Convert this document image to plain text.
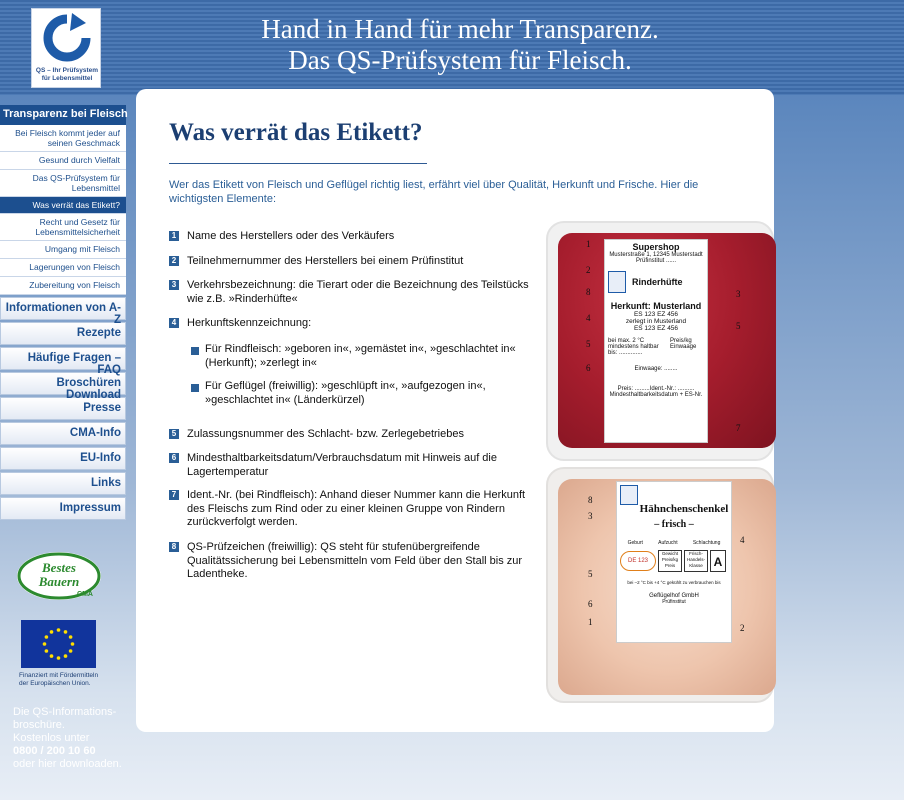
QS – Ihr Prüfsystem für Lebensmittel
Hand in Hand für mehr Transparenz.
Das QS-Prüfsystem für Fleisch.
Transparenz bei Fleisch
Bei Fleisch kommt jeder auf seinen Geschmack
Gesund durch Vielfalt
Das QS-Prüfsystem für Lebensmittel
Was verrät das Etikett?
Recht und Gesetz für Lebensmittelsicherheit
Umgang mit Fleisch
Lagerungen von Fleisch
Zubereitung von Fleisch
Informationen von A-Z
Rezepte
Häufige Fragen – FAQ
Broschüren Download
Presse
CMA-Info
EU-Info
Links
Impressum
Bestes
Bauern
CMA
Finanziert mit Fördermitteln der Europäischen Union.
Die QS-Informations-
broschüre.
Kostenlos unter
0800 / 200 10 60
oder hier downloaden.
Was verrät das Etikett?

Wer das Etikett von Fleisch und Geflügel richtig liest, erfährt viel über Qualität, Herkunft und Frische. Hier die wichtigsten Elemente:

1 Name des Herstellers oder des Verkäufers
2 Teilnehmernummer des Herstellers bei einem Prüfinstitut
3 Verkehrsbezeichnung: die Tierart oder die Bezeichnung des Teilstücks wie z.B. »Rinderhüfte«
4 Herkunftskennzeichnung:
Für Rindfleisch: »geboren in«, »gemästet in«, »geschlachtet in« (Herkunft); »zerlegt in«
Für Geflügel (freiwillig): »geschlüpft in«, »aufgezogen in«, »geschlachtet in« (Länderkürzel)
5 Zulassungsnummer des Schlacht- bzw. Zerlegebetriebes
6 Mindesthaltbarkeitsdatum/Verbrauchsdatum mit Hinweis auf die Lagertemperatur
7 Ident.-Nr. (bei Rindfleisch): Anhand dieser Nummer kann die Herkunft des Fleischs zum Rind oder zu einer kleinen Gruppe von Rindern zurückverfolgt werden.
8 QS-Prüfzeichen (freiwillig): QS steht für stufenübergreifende Qualitätssicherung bei Lebensmitteln vom Feld über den Stall bis zur Ladentheke.
Supershop
Musterstraße 1, 12345 Musterstadt
Prüfinstitut ......
Rinderhüfte
Herkunft: Musterland
ES 123 EZ 456
zerlegt in Musterland
ES 123 EZ 456
bei max. 2 °C mindestens haltbar bis: ..............
Preis/kg
Einwaage
Einwaage: ........
Preis: .........Ident.-Nr.: ..........
Mindesthaltbarkeitsdatum + ES-Nr.
1
2
8	3
4
5
5
6
7
Hähnchenschenkel
– frisch –
Geburt	Aufzucht	Schlachtung
DE 123
Gewicht Preis/kg Preis
Frisch-Handels-Klasse A
bei –2 °C bis +4 °C gekühlt zu verbrauchen bis
Geflügelhof GmbH
Prüfinstitut
8
3
4
5
6
1
2
